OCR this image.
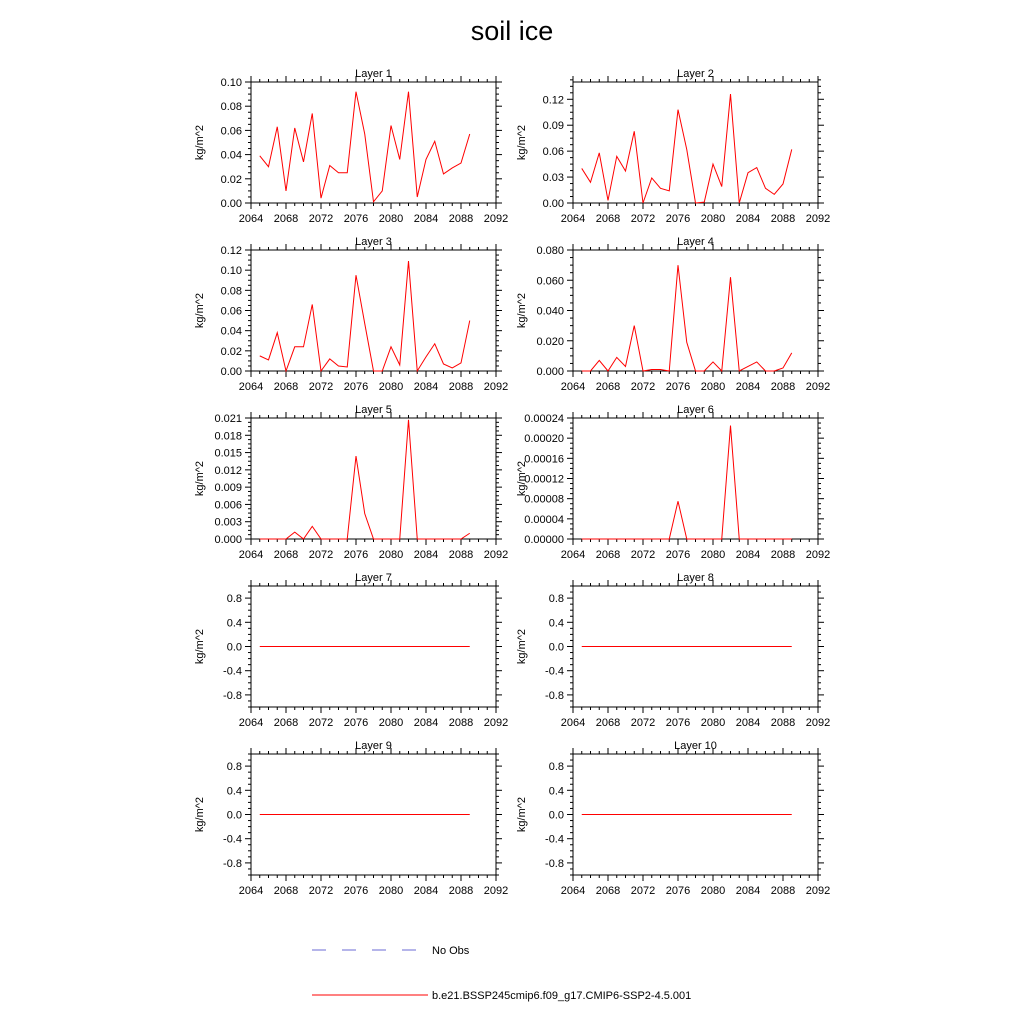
soil ice
Layer 1
kg/m^2
2064 2068 2072 2076 2080 2084 2088 2092
0.00
0.02
0.04
0.06
0.08
0.10
Layer 2
kg/m^2
2064 2068 2072 2076 2080 2084 2088 2092
0.00
0.03
0.06
0.09
0.12
Layer 3
kg/m^2
2064 2068 2072 2076 2080 2084 2088 2092
0.00
0.02
0.04
0.06
0.08
0.10
0.12
Layer 4
kg/m^2
2064 2068 2072 2076 2080 2084 2088 2092
0.000
0.020
0.040
0.060
0.080
Layer 5
kg/m^2
2064 2068 2072 2076 2080 2084 2088 2092
0.000
0.003
0.006
0.009
0.012
0.015
0.018
0.021
Layer 6
kg/m^2
2064 2068 2072 2076 2080 2084 2088 2092
0.00000
0.00004
0.00008
0.00012
0.00016
0.00020
0.00024
Layer 7
kg/m^2
2064 2068 2072 2076 2080 2084 2088 2092
-0.8
-0.4
0.0
0.4
0.8
Layer 8
kg/m^2
2064 2068 2072 2076 2080 2084 2088 2092
-0.8
-0.4
0.0
0.4
0.8
Layer 9
kg/m^2
2064 2068 2072 2076 2080 2084 2088 2092
-0.8
-0.4
0.0
0.4
0.8
Layer 10
kg/m^2
2064 2068 2072 2076 2080 2084 2088 2092
-0.8
-0.4
0.0
0.4
0.8
No Obs
b.e21.BSSP245cmip6.f09_g17.CMIP6-SSP2-4.5.001
